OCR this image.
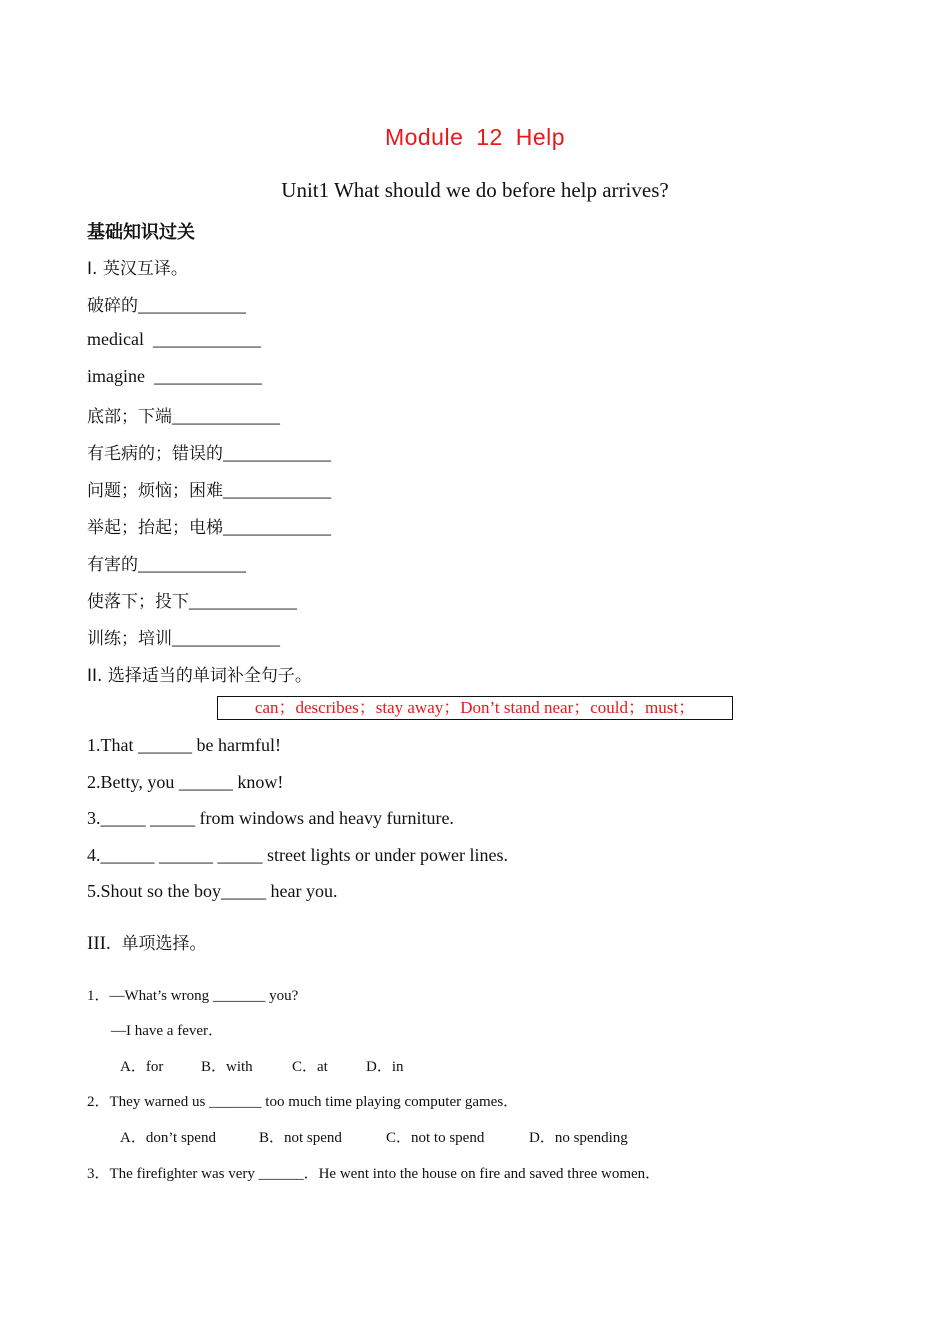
Module 12 Help
Unit1 What should we do before help arrives?
基础知识过关
I. 英汉互译。
破碎的____________
medical  ____________
imagine  ____________
底部；下端____________
有毛病的；错误的____________
问题；烦恼；困难____________
举起；抬起；电梯____________
有害的____________
使落下；投下____________
训练；培训____________
II. 选择适当的单词补全句子。
can；describes；stay away；Don’t stand near；could；must；
1.That ______ be harmful!
2.Betty, you ______ know!
3._____ _____ from windows and heavy furniture.
4.______ ______ _____ street lights or under power lines.
5.Shout so the boy_____ hear you.
III. 单项选择。
1．—What’s wrong _______ you?
—I have a fever．
A．for	B．with	C．at	D．in
2．They warned us _______ too much time playing computer games．
A．don’t spend	B．not spend	C．not to spend	D．no spending
3．The firefighter was very ______．He went into the house on fire and saved three women．
